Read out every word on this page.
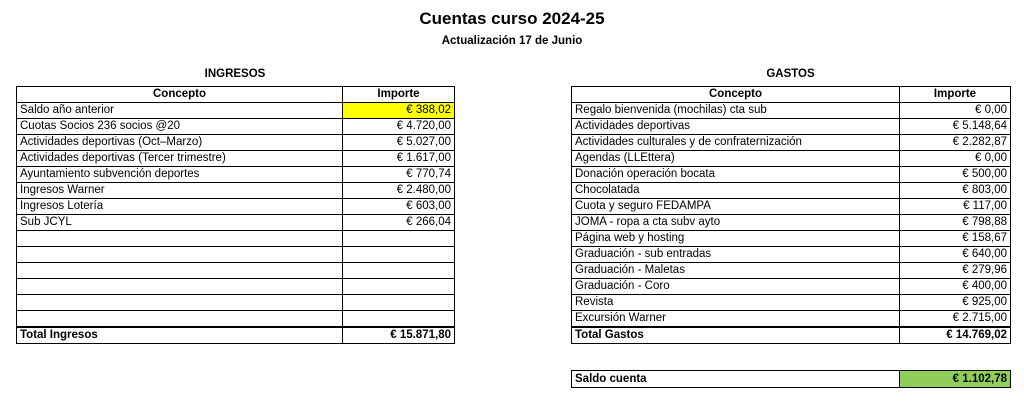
Cuentas curso 2024-25
Actualización 17 de Junio
INGRESOS	GASTOS
Concepto	Importe
Saldo año anterior	€ 388,02
Cuotas Socios 236 socios @20	€ 4.720,00
Actividades deportivas (Oct–Marzo)	€ 5.027,00
Actividades deportivas (Tercer trimestre)	€ 1.617,00
Ayuntamiento subvención deportes	€ 770,74
Ingresos Warner	€ 2.480,00
Ingresos Lotería	€ 603,00
Sub JCYL	€ 266,04

Total Ingresos	€ 15.871,80
Concepto	Importe
Regalo bienvenida (mochilas) cta sub	€ 0,00
Actividades deportivas	€ 5.148,64
Actividades culturales y de confraternización	€ 2.282,87
Agendas (LLEttera)	€ 0,00
Donación operación bocata	€ 500,00
Chocolatada	€ 803,00
Cuota y seguro FEDAMPA	€ 117,00
JOMA - ropa a cta subv ayto	€ 798,88
Página web y hosting	€ 158,67
Graduación - sub entradas	€ 640,00
Graduación - Maletas	€ 279,96
Graduación - Coro	€ 400,00
Revista	€ 925,00
Excursión Warner	€ 2.715,00
Total Gastos	€ 14.769,02
Saldo cuenta	€ 1.102,78
